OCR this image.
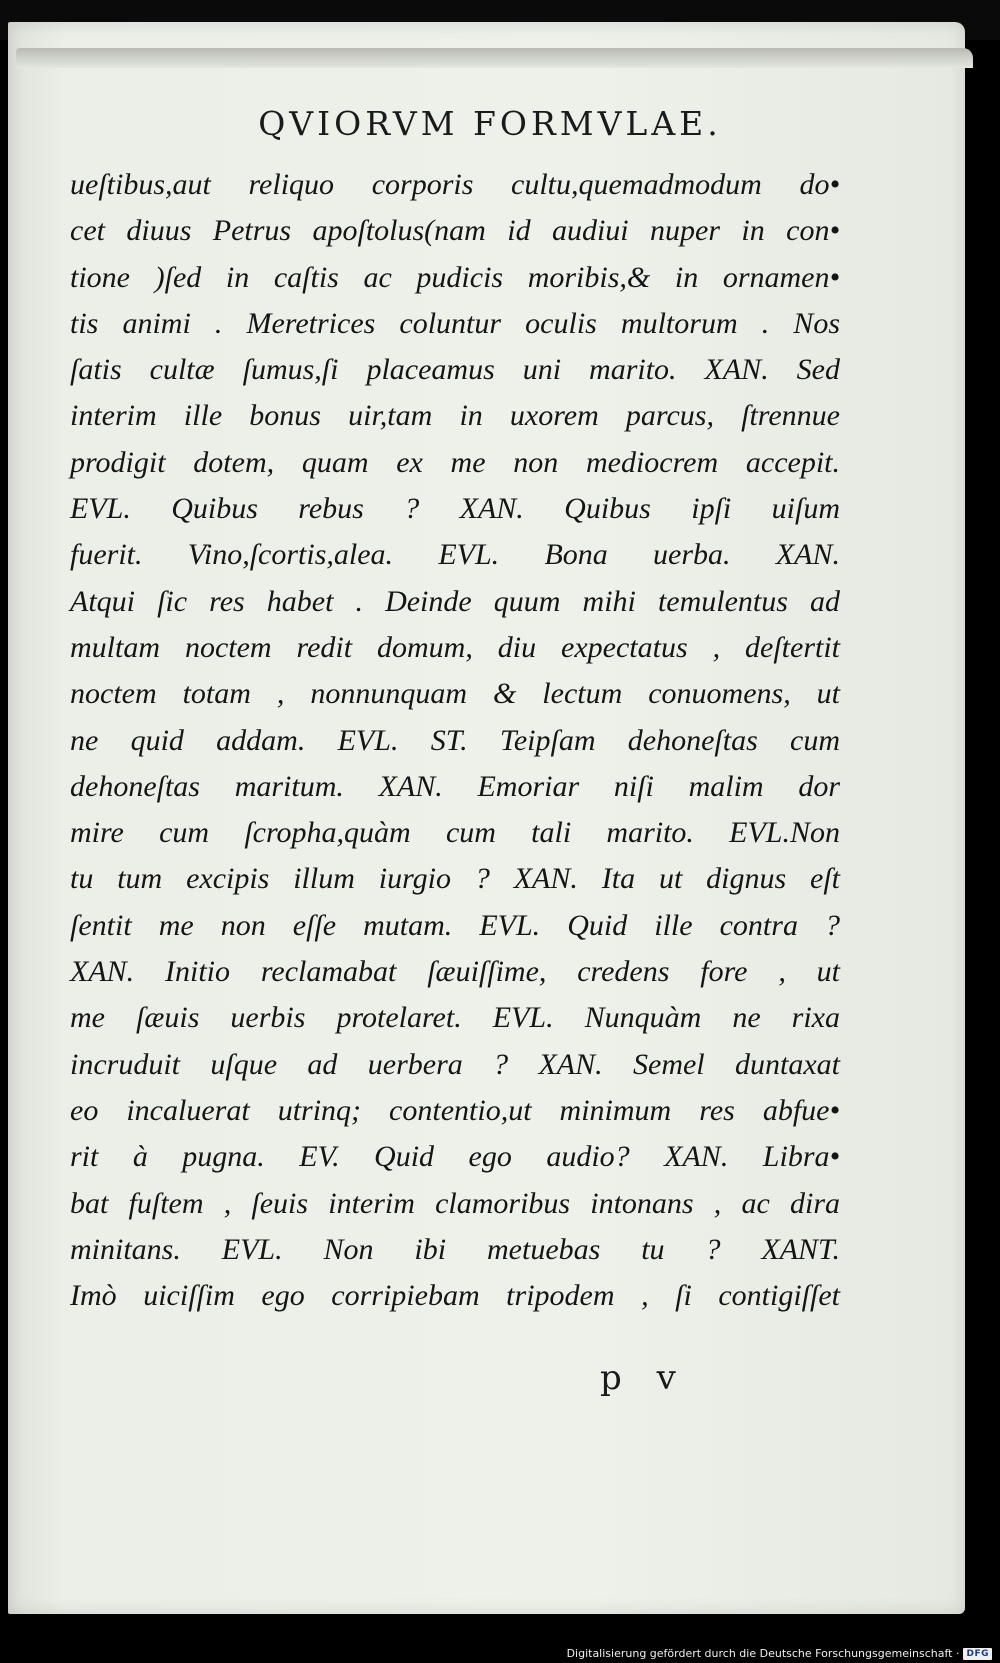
QVIORVM FORMVLAE.
ueſtibus,aut reliquo corporis cultu,quemadmodum do•
cet diuus Petrus apoſtolus(nam id audiui nuper in con•
tione )ſed in caſtis ac pudicis moribis,& in ornamen•
tis animi . Meretrices coluntur oculis multorum . Nos
ſatis cultæ ſumus,ſi placeamus uni marito. XAN. Sed
interim ille bonus uir,tam in uxorem parcus, ſtrennue
prodigit dotem, quam ex me non mediocrem accepit.
EVL. Quibus rebus ? XAN. Quibus ipſi uiſum
fuerit. Vino,ſcortis,alea. EVL. Bona uerba. XAN.
Atqui ſic res habet . Deinde quum mihi temulentus ad
multam noctem redit domum, diu expectatus , deſtertit
noctem totam , nonnunquam & lectum conuomens, ut
ne quid addam. EVL. ST. Teipſam dehoneſtas cum
dehoneſtas maritum. XAN. Emoriar niſi malim dor
mire cum ſcropha,quàm cum tali marito. EVL.Non
tu tum excipis illum iurgio ? XAN. Ita ut dignus eſt
ſentit me non eſſe mutam. EVL. Quid ille contra ?
XAN. Initio reclamabat ſæuiſſime, credens fore , ut
me ſæuis uerbis protelaret. EVL. Nunquàm ne rixa
incruduit uſque ad uerbera ? XAN. Semel duntaxat
eo incaluerat utrinq; contentio,ut minimum res abfue•
rit à pugna. EV. Quid ego audio? XAN. Libra•
bat fuſtem , ſeuis interim clamoribus intonans , ac dira
minitans. EVL. Non ibi metuebas tu ? XANT.
Imò uiciſſim ego corripiebam tripodem , ſi contigiſſet
p v
Digitalisierung gefördert durch die Deutsche Forschungsgemeinschaft · DFG
